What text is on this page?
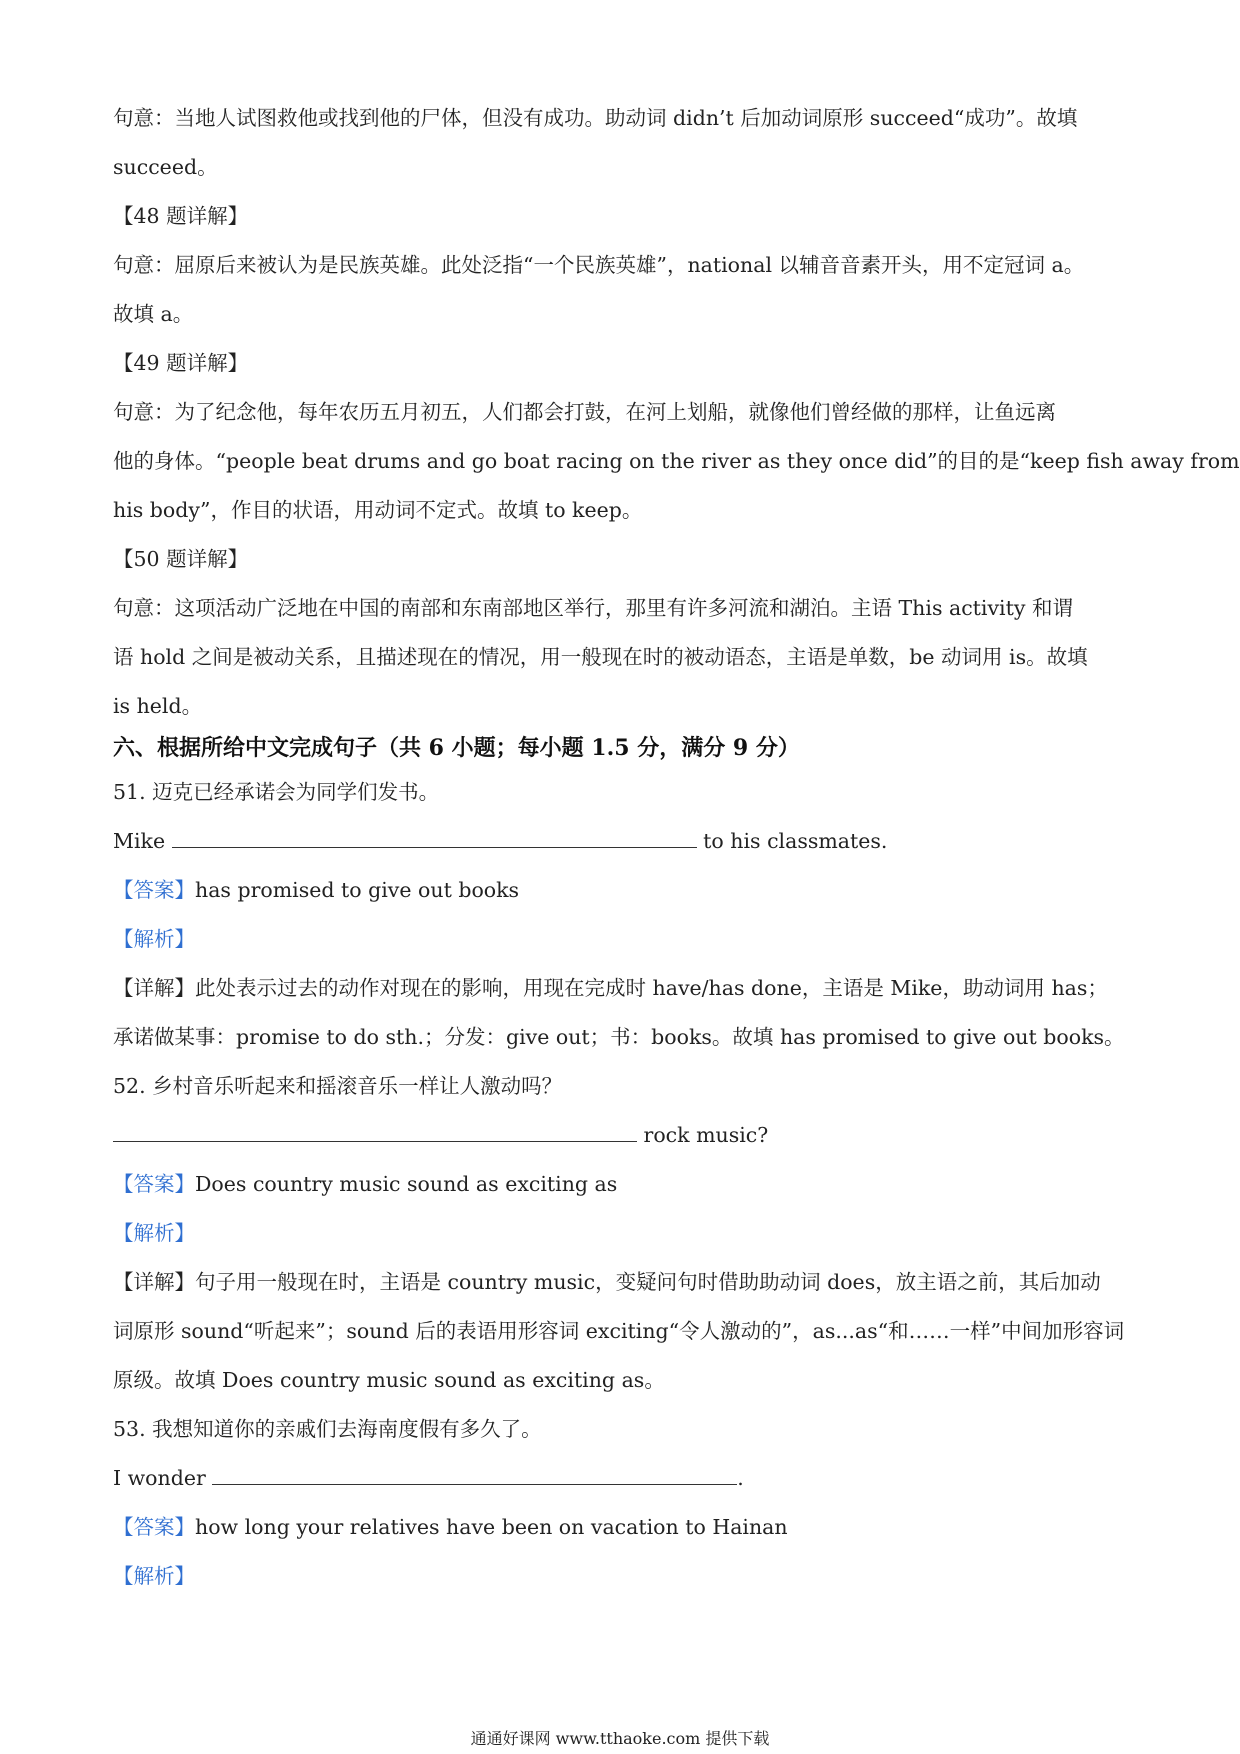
句意：当地人试图救他或找到他的尸体，但没有成功。助动词 didn’t 后加动词原形 succeed“成功”。故填
succeed。
【48 题详解】
句意：屈原后来被认为是民族英雄。此处泛指“一个民族英雄”，national 以辅音音素开头，用不定冠词 a。
故填 a。
【49 题详解】
句意：为了纪念他，每年农历五月初五，人们都会打鼓，在河上划船，就像他们曾经做的那样，让鱼远离
他的身体。“people beat drums and go boat racing on the river as they once did”的目的是“keep fish away from
his body”，作目的状语，用动词不定式。故填 to keep。
【50 题详解】
句意：这项活动广泛地在中国的南部和东南部地区举行，那里有许多河流和湖泊。主语 This activity 和谓
语 hold 之间是被动关系，且描述现在的情况，用一般现在时的被动语态，主语是单数，be 动词用 is。故填
is held。
六、根据所给中文完成句子（共 6 小题；每小题 1.5 分，满分 9 分）
51. 迈克已经承诺会为同学们发书。
Mike	to his classmates.
【答案】has promised to give out books
【解析】
【详解】此处表示过去的动作对现在的影响，用现在完成时 have/has done，主语是 Mike，助动词用 has；
承诺做某事：promise to do sth.；分发：give out；书：books。故填 has promised to give out books。
52. 乡村音乐听起来和摇滚音乐一样让人激动吗？
rock music?
【答案】Does country music sound as exciting as
【解析】
【详解】句子用一般现在时，主语是 country music，变疑问句时借助助动词 does，放主语之前，其后加动
词原形 sound“听起来”；sound 后的表语用形容词 exciting“令人激动的”，as...as“和……一样”中间加形容词
原级。故填 Does country music sound as exciting as。
53. 我想知道你的亲戚们去海南度假有多久了。
I wonder	.
【答案】how long your relatives have been on vacation to Hainan
【解析】
通通好课网 www.tthaoke.com 提供下载
